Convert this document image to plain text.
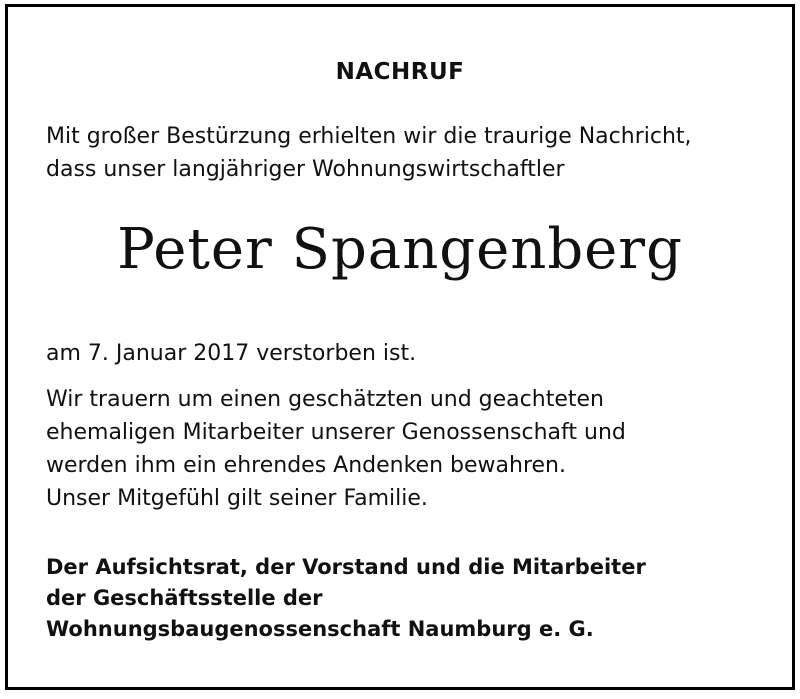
NACHRUF
Mit großer Bestürzung erhielten wir die traurige Nachricht,
dass unser langjähriger Wohnungswirtschaftler
Peter Spangenberg
am 7. Januar 2017 verstorben ist.
Wir trauern um einen geschätzten und geachteten
ehemaligen Mitarbeiter unserer Genossenschaft und
werden ihm ein ehrendes Andenken bewahren.
Unser Mitgefühl gilt seiner Familie.
Der Aufsichtsrat, der Vorstand und die Mitarbeiter
der Geschäftsstelle der
Wohnungsbaugenossenschaft Naumburg e. G.
